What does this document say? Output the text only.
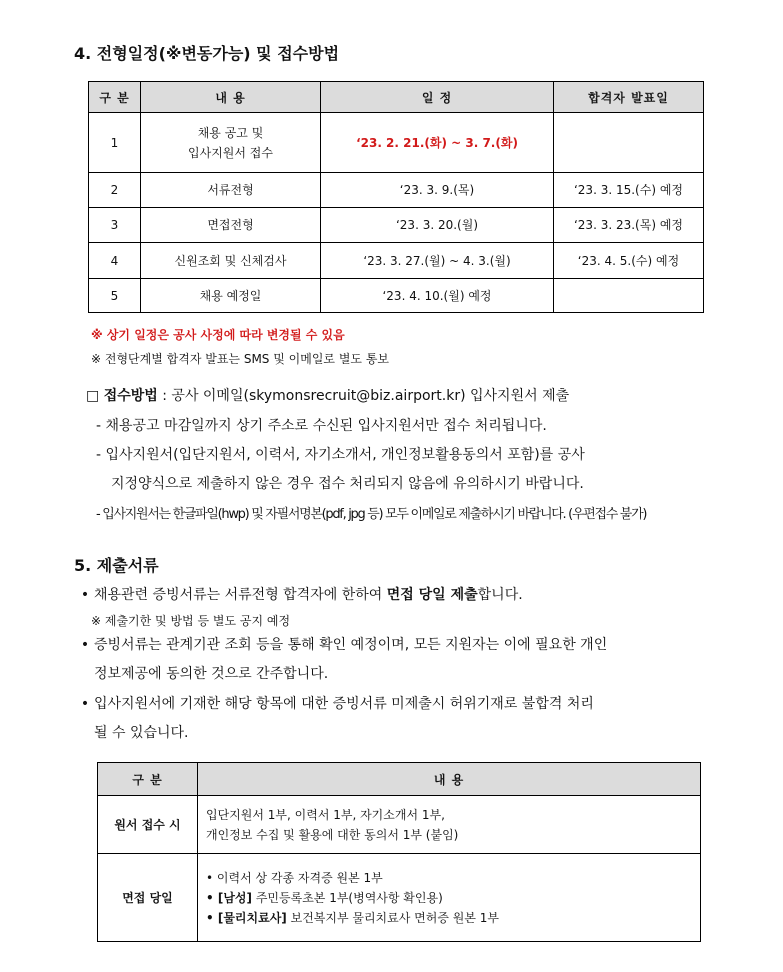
4. 전형일정(※변동가능) 및 접수방법
구 분	내 용	일 정	합격자 발표일
1	채용 공고 및
입사지원서 접수	‘23. 2. 21.(화) ~ 3. 7.(화)	
2	서류전형	‘23. 3. 9.(목)	‘23. 3. 15.(수) 예정
3	면접전형	‘23. 3. 20.(월)	‘23. 3. 23.(목) 예정
4	신원조회 및 신체검사	‘23. 3. 27.(월) ~ 4. 3.(월)	‘23. 4. 5.(수) 예정
5	채용 예정일	‘23. 4. 10.(월) 예정	
※ 상기 일정은 공사 사정에 따라 변경될 수 있음
※ 전형단계별 합격자 발표는 SMS 및 이메일로 별도 통보
□ 접수방법 : 공사 이메일(skymonsrecruit@biz.airport.kr) 입사지원서 제출
- 채용공고 마감일까지 상기 주소로 수신된 입사지원서만 접수 처리됩니다.
- 입사지원서(입단지원서, 이력서, 자기소개서, 개인정보활용동의서 포함)를 공사
지정양식으로 제출하지 않은 경우 접수 처리되지 않음에 유의하시기 바랍니다.
- 입사지원서는 한글파일(hwp) 및 자필서명본(pdf, jpg 등) 모두 이메일로 제출하시기 바랍니다. (우편접수 불가)
5. 제출서류
• 채용관련 증빙서류는 서류전형 합격자에 한하여 면접 당일 제출합니다.
※ 제출기한 및 방법 등 별도 공지 예정
• 증빙서류는 관계기관 조회 등을 통해 확인 예정이며, 모든 지원자는 이에 필요한 개인
정보제공에 동의한 것으로 간주합니다.
• 입사지원서에 기재한 해당 항목에 대한 증빙서류 미제출시 허위기재로 불합격 처리
될 수 있습니다.
구 분	내 용
원서 접수 시	입단지원서 1부, 이력서 1부, 자기소개서 1부,
개인정보 수집 및 활용에 대한 동의서 1부 (붙임)

면접 당일	• 이력서 상 각종 자격증 원본 1부
• [남성] 주민등록초본 1부(병역사항 확인용)
• [물리치료사] 보건복지부 물리치료사 면허증 원본 1부
